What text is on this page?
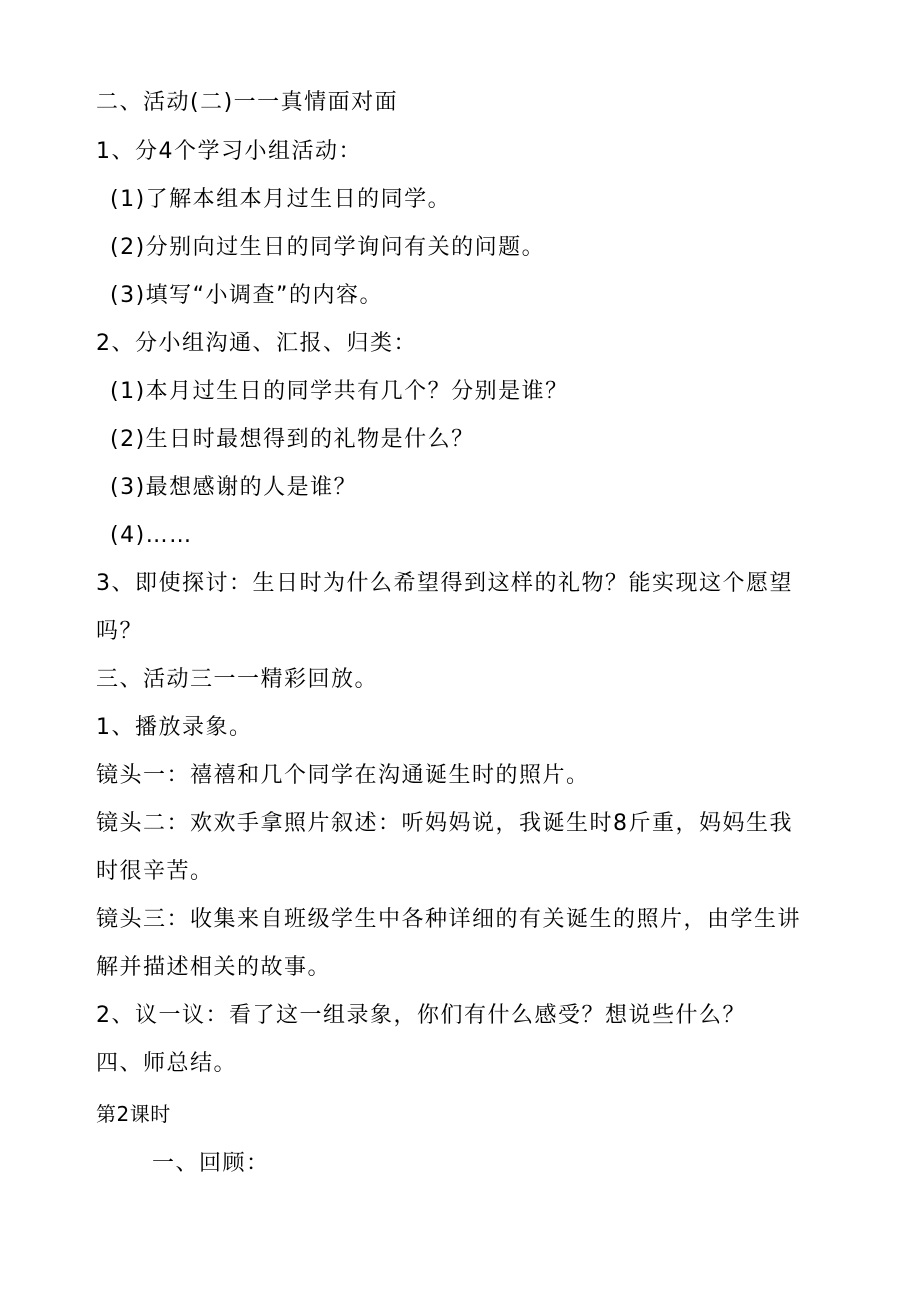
二、活动(二)一一真情面对面
1、分4个学习小组活动：
(1)了解本组本月过生日的同学。
(2)分别向过生日的同学询问有关的问题。
(3)填写“小调查”的内容。
2、分小组沟通、汇报、归类：
(1)本月过生日的同学共有几个？分别是谁？
(2)生日时最想得到的礼物是什么？
(3)最想感谢的人是谁？
(4)……
3、即使探讨：生日时为什么希望得到这样的礼物？能实现这个愿望
吗？
三、活动三一一精彩回放。
1、播放录象。
镜头一：禧禧和几个同学在沟通诞生时的照片。
镜头二：欢欢手拿照片叙述：听妈妈说，我诞生时8斤重，妈妈生我
时很辛苦。
镜头三：收集来自班级学生中各种详细的有关诞生的照片，由学生讲
解并描述相关的故事。
2、议一议：看了这一组录象，你们有什么感受？想说些什么？
四、师总结。
第2课时
一、回顾：
